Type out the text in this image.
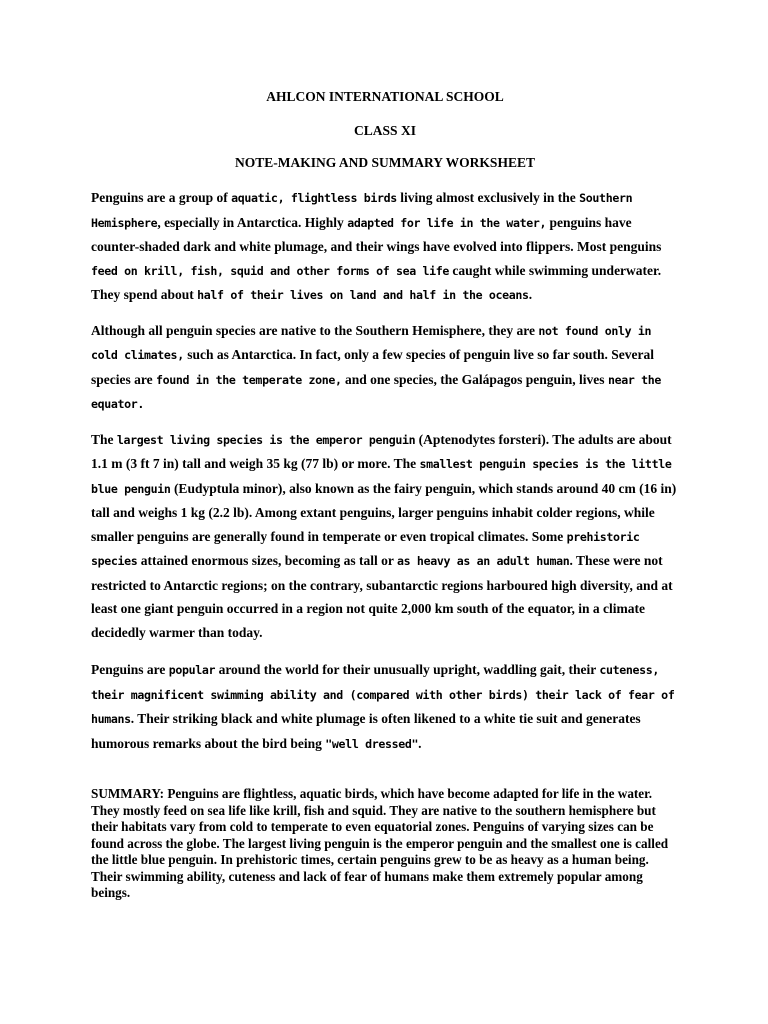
AHLCON INTERNATIONAL SCHOOL

CLASS XI

NOTE-MAKING AND SUMMARY WORKSHEET

Penguins are a group of aquatic, flightless birds living almost exclusively in the Southern Hemisphere, especially in Antarctica. Highly adapted for life in the water, penguins have counter-shaded dark and white plumage, and their wings have evolved into flippers. Most penguins feed on krill, fish, squid and other forms of sea life caught while swimming underwater. They spend about half of their lives on land and half in the oceans.

Although all penguin species are native to the Southern Hemisphere, they are not found only in cold climates, such as Antarctica. In fact, only a few species of penguin live so far south. Several species are found in the temperate zone, and one species, the Galápagos penguin, lives near the equator.

The largest living species is the emperor penguin (Aptenodytes forsteri). The adults are about 1.1 m (3 ft 7 in) tall and weigh 35 kg (77 lb) or more. The smallest penguin species is the little blue penguin (Eudyptula minor), also known as the fairy penguin, which stands around 40 cm (16 in) tall and weighs 1 kg (2.2 lb). Among extant penguins, larger penguins inhabit colder regions, while smaller penguins are generally found in temperate or even tropical climates. Some prehistoric species attained enormous sizes, becoming as tall or as heavy as an adult human. These were not restricted to Antarctic regions; on the contrary, subantarctic regions harboured high diversity, and at least one giant penguin occurred in a region not quite 2,000 km south of the equator, in a climate decidedly warmer than today.

Penguins are popular around the world for their unusually upright, waddling gait, their cuteness, their magnificent swimming ability and (compared with other birds) their lack of fear of humans. Their striking black and white plumage is often likened to a white tie suit and generates humorous remarks about the bird being "well dressed".

SUMMARY: Penguins are flightless, aquatic birds, which have become adapted for life in the water. They mostly feed on sea life like krill, fish and squid. They are native to the southern hemisphere but their habitats vary from cold to temperate to even equatorial zones. Penguins of varying sizes can be found across the globe. The largest living penguin is the emperor penguin and the smallest one is called the little blue penguin. In prehistoric times, certain penguins grew to be as heavy as a human being. Their swimming ability, cuteness and lack of fear of humans make them extremely popular among beings.
